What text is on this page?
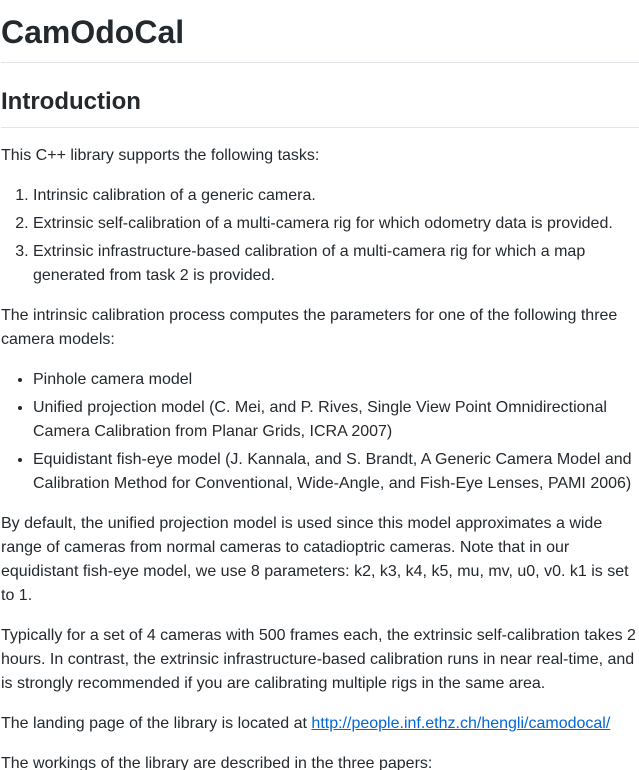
CamOdoCal
Introduction

This C++ library supports the following tasks:

1. Intrinsic calibration of a generic camera.
2. Extrinsic self-calibration of a multi-camera rig for which odometry data is provided.
3. Extrinsic infrastructure-based calibration of a multi-camera rig for which a map generated from task 2 is provided.

The intrinsic calibration process computes the parameters for one of the following three camera models:

• Pinhole camera model
• Unified projection model (C. Mei, and P. Rives, Single View Point Omnidirectional Camera Calibration from Planar Grids, ICRA 2007)
• Equidistant fish-eye model (J. Kannala, and S. Brandt, A Generic Camera Model and Calibration Method for Conventional, Wide-Angle, and Fish-Eye Lenses, PAMI 2006)

By default, the unified projection model is used since this model approximates a wide range of cameras from normal cameras to catadioptric cameras. Note that in our equidistant fish-eye model, we use 8 parameters: k2, k3, k4, k5, mu, mv, u0, v0. k1 is set to 1.

Typically for a set of 4 cameras with 500 frames each, the extrinsic self-calibration takes 2 hours. In contrast, the extrinsic infrastructure-based calibration runs in near real-time, and is strongly recommended if you are calibrating multiple rigs in the same area.

The landing page of the library is located at http://people.inf.ethz.ch/hengli/camodocal/

The workings of the library are described in the three papers:
